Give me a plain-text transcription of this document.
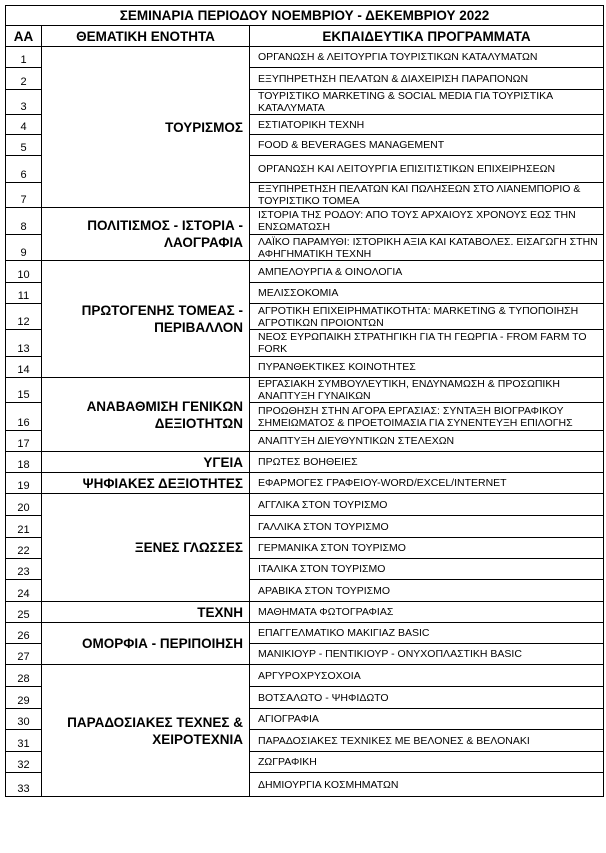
ΣΕΜΙΝΑΡΙΑ ΠΕΡΙΟΔΟΥ ΝΟΕΜΒΡΙΟΥ - ΔΕΚΕΜΒΡΙΟΥ 2022		
ΑΑ	ΘΕΜΑΤΙΚΗ ΕΝΟΤΗΤΑ	ΕΚΠΑΙΔΕΥΤΙΚΑ ΠΡΟΓΡΑΜΜΑΤΑ
1	ΤΟΥΡΙΣΜΟΣ	ΟΡΓΑΝΩΣΗ & ΛΕΙΤΟΥΡΓΙΑ ΤΟΥΡΙΣΤΙΚΩΝ ΚΑΤΑΛΥΜΑΤΩΝ
2		ΕΞΥΠΗΡΕΤΗΣΗ ΠΕΛΑΤΩΝ & ΔΙΑΧΕΙΡΙΣΗ ΠΑΡΑΠΟΝΩΝ
3		ΤΟΥΡΙΣΤΙΚΟ MARKETING & SOCIAL MEDIA ΓΙΑ ΤΟΥΡΙΣΤΙΚΑ ΚΑΤΑΛΥΜΑΤΑ
4		ΕΣΤΙΑΤΟΡΙΚΗ ΤΕΧΝΗ
5		FOOD & BEVERAGES MANAGEMENT
6		ΟΡΓΑΝΩΣΗ ΚΑΙ ΛΕΙΤΟΥΡΓΙΑ ΕΠΙΣΙΤΙΣΤΙΚΩΝ ΕΠΙΧΕΙΡΗΣΕΩΝ
7		ΕΞΥΠΗΡΕΤΗΣΗ ΠΕΛΑΤΩΝ ΚΑΙ ΠΩΛΗΣΕΩΝ ΣΤΟ ΛΙΑΝΕΜΠΟΡΙΟ & ΤΟΥΡΙΣΤΙΚΟ ΤΟΜΕΑ
8	ΠΟΛΙΤΙΣΜΟΣ - ΙΣΤΟΡΙΑ - ΛΑΟΓΡΑΦΙΑ	ΙΣΤΟΡΙΑ ΤΗΣ ΡΟΔΟΥ: ΑΠΟ ΤΟΥΣ ΑΡΧΑΙΟΥΣ ΧΡΟΝΟΥΣ ΕΩΣ ΤΗΝ ΕΝΣΩΜΑΤΩΣΗ
9		ΛΑΪΚΟ ΠΑΡΑΜΥΘΙ: ΙΣΤΟΡΙΚΗ ΑΞΙΑ ΚΑΙ ΚΑΤΑΒΟΛΕΣ. ΕΙΣΑΓΩΓΗ ΣΤΗΝ ΑΦΗΓΗΜΑΤΙΚΗ ΤΕΧΝΗ
10	ΠΡΩΤΟΓΕΝΗΣ ΤΟΜΕΑΣ - ΠΕΡΙΒΑΛΛΟΝ	ΑΜΠΕΛΟΥΡΓΙΑ & ΟΙΝΟΛΟΓΙΑ
11		ΜΕΛΙΣΣΟΚΟΜΙΑ
12		ΑΓΡΟΤΙΚΗ ΕΠΙΧΕΙΡΗΜΑΤΙΚΟΤΗΤΑ: MARKETING & ΤΥΠΟΠΟΙΗΣΗ ΑΓΡΟΤΙΚΩΝ ΠΡΟΙΟΝΤΩΝ
13		ΝΕΟΣ ΕΥΡΩΠΑΙΚΗ ΣΤΡΑΤΗΓΙΚΗ ΓΙΑ ΤΗ ΓΕΩΡΓΙΑ - FROM FARM TO FORK
14		ΠΥΡΑΝΘΕΚΤΙΚΕΣ ΚΟΙΝΟΤΗΤΕΣ
15	ΑΝΑΒΑΘΜΙΣΗ ΓΕΝΙΚΩΝ ΔΕΞΙΟΤΗΤΩΝ	ΕΡΓΑΣΙΑΚΗ ΣΥΜΒΟΥΛΕΥΤΙΚΗ, ΕΝΔΥΝΑΜΩΣΗ & ΠΡΟΣΩΠΙΚΗ ΑΝΑΠΤΥΞΗ ΓΥΝΑΙΚΩΝ
16		ΠΡΟΩΘΗΣΗ ΣΤΗΝ ΑΓΟΡΑ ΕΡΓΑΣΙΑΣ: ΣΥΝΤΑΞΗ ΒΙΟΓΡΑΦΙΚΟΥ ΣΗΜΕΙΩΜΑΤΟΣ & ΠΡΟΕΤΟΙΜΑΣΙΑ ΓΙΑ ΣΥΝΕΝΤΕΥΞΗ ΕΠΙΛΟΓΗΣ
17		ΑΝΑΠΤΥΞΗ ΔΙΕΥΘΥΝΤΙΚΩΝ ΣΤΕΛΕΧΩΝ
18	ΥΓΕΙΑ	ΠΡΩΤΕΣ ΒΟΗΘΕΙΕΣ
19	ΨΗΦΙΑΚΕΣ ΔΕΞΙΟΤΗΤΕΣ	ΕΦΑΡΜΟΓΕΣ ΓΡΑΦΕΙΟΥ-WORD/EXCEL/INTERNET
20	ΞΕΝΕΣ ΓΛΩΣΣΕΣ	ΑΓΓΛΙΚΑ ΣΤΟΝ ΤΟΥΡΙΣΜΟ
21		ΓΑΛΛΙΚΑ ΣΤΟΝ ΤΟΥΡΙΣΜΟ
22		ΓΕΡΜΑΝΙΚΑ ΣΤΟΝ ΤΟΥΡΙΣΜΟ
23		ΙΤΑΛΙΚΑ ΣΤΟΝ ΤΟΥΡΙΣΜΟ
24		ΑΡΑΒΙΚΑ ΣΤΟΝ ΤΟΥΡΙΣΜΟ
25	ΤΕΧΝΗ	ΜΑΘΗΜΑΤΑ ΦΩΤΟΓΡΑΦΙΑΣ
26	ΟΜΟΡΦΙΑ - ΠΕΡΙΠΟΙΗΣΗ	ΕΠΑΓΓΕΛΜΑΤΙΚΟ ΜΑΚΙΓΙΑΖ BASIC
27		ΜΑΝΙΚΙΟΥΡ - ΠΕΝΤΙΚΙΟΥΡ - ΟΝΥΧΟΠΛΑΣΤΙΚΗ BASIC
28	ΠΑΡΑΔΟΣΙΑΚΕΣ ΤΕΧΝΕΣ & ΧΕΙΡΟΤΕΧΝΙΑ	ΑΡΓΥΡΟΧΡΥΣΟΧΟΙΑ
29		ΒΟΤΣΑΛΩΤΟ - ΨΗΦΙΔΩΤΟ
30		ΑΓΙΟΓΡΑΦΙΑ
31		ΠΑΡΑΔΟΣΙΑΚΕΣ ΤΕΧΝΙΚΕΣ ΜΕ ΒΕΛΟΝΕΣ & ΒΕΛΟΝΑΚΙ
32		ΖΩΓΡΑΦΙΚΗ
33		ΔΗΜΙΟΥΡΓΙΑ ΚΟΣΜΗΜΑΤΩΝ
